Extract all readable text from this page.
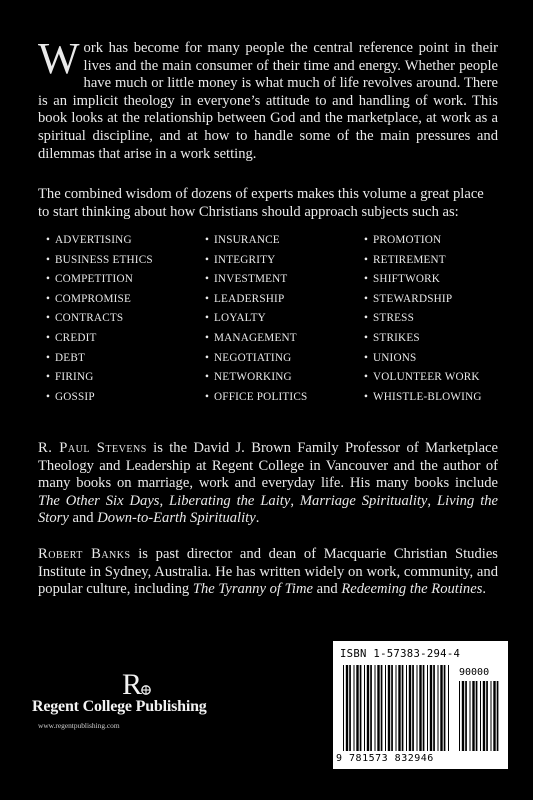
Work has become for many people the central reference point in their lives and the main consumer of their time and energy. Whether people have much or little money is what much of life revolves around. There is an implicit theology in everyone’s attitude to and handling of work. This book looks at the relationship between God and the marketplace, at work as a spiritual discipline, and at how to handle some of the main pressures and dilemmas that arise in a work setting.

The combined wisdom of dozens of experts makes this volume a great place to start thinking about how Christians should approach subjects such as:

• ADVERTISING
• BUSINESS ETHICS
• COMPETITION
• COMPROMISE
• CONTRACTS
• CREDIT
• DEBT
• FIRING
• GOSSIP
• INSURANCE
• INTEGRITY
• INVESTMENT
• LEADERSHIP
• LOYALTY
• MANAGEMENT
• NEGOTIATING
• NETWORKING
• OFFICE POLITICS
• PROMOTION
• RETIREMENT
• SHIFTWORK
• STEWARDSHIP
• STRESS
• STRIKES
• UNIONS
• VOLUNTEER WORK
• WHISTLE-BLOWING

R. Paul Stevens is the David J. Brown Family Professor of Marketplace Theology and Leadership at Regent College in Vancouver and the author of many books on marriage, work and everyday life. His many books include The Other Six Days, Liberating the Laity, Marriage Spirituality, Living the Story and Down-to-Earth Spirituality.

Robert Banks is past director and dean of Macquarie Christian Studies Institute in Sydney, Australia. He has written widely on work, community, and popular culture, including The Tyranny of Time and Redeeming the Routines.

R
Regent College Publishing
www.regentpublishing.com
ISBN 1-57383-294-4
90000
9 781573 832946
